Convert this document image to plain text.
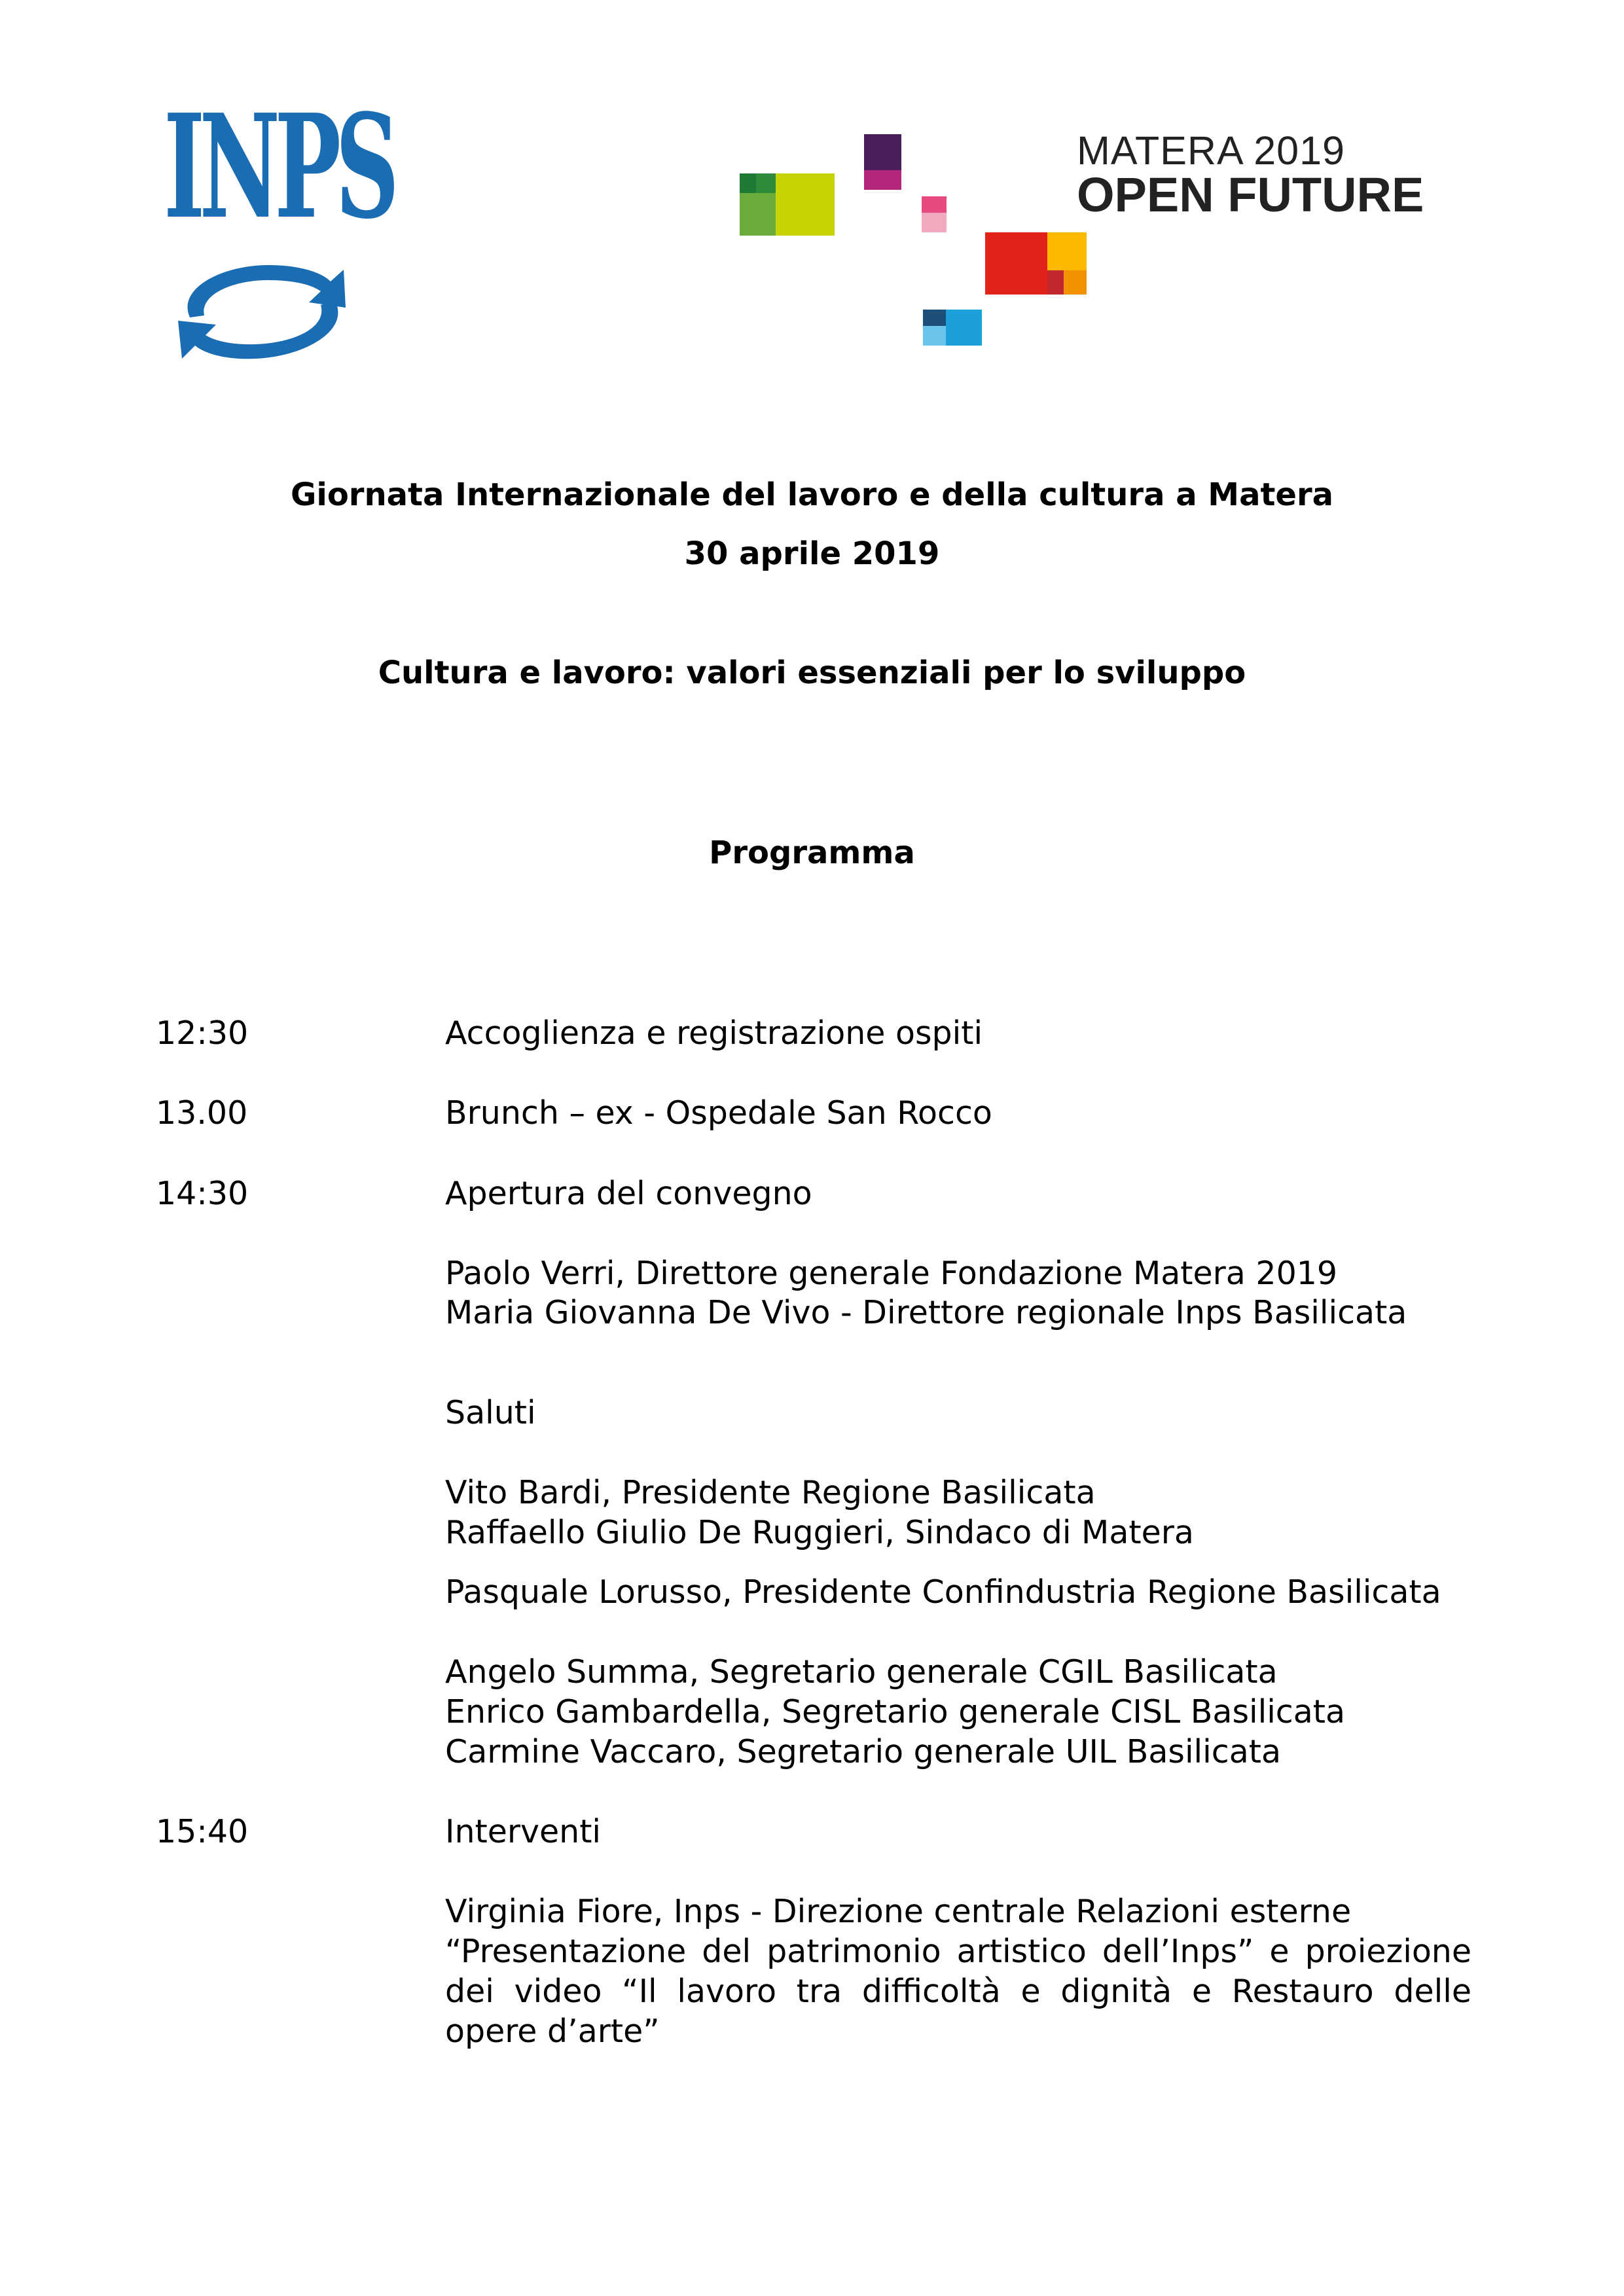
INPS	MATERA 2019
OPEN FUTURE
Giornata Internazionale del lavoro e della cultura a Matera
30 aprile 2019
Cultura e lavoro: valori essenziali per lo sviluppo
Programma
12:30	Accoglienza e registrazione ospiti
13.00	Brunch – ex - Ospedale San Rocco
14:30	Apertura del convegno
Paolo Verri, Direttore generale Fondazione Matera 2019
Maria Giovanna De Vivo - Direttore regionale Inps Basilicata
Saluti
Vito Bardi, Presidente Regione Basilicata
Raffaello Giulio De Ruggieri, Sindaco di Matera
Pasquale Lorusso, Presidente Confindustria Regione Basilicata
Angelo Summa, Segretario generale CGIL Basilicata
Enrico Gambardella, Segretario generale CISL Basilicata
Carmine Vaccaro, Segretario generale UIL Basilicata
15:40	Interventi
Virginia Fiore, Inps - Direzione centrale Relazioni esterne
“Presentazione del patrimonio artistico dell’Inps” e proiezione
dei video “Il lavoro tra difficoltà e dignità e Restauro delle
opere d’arte”
